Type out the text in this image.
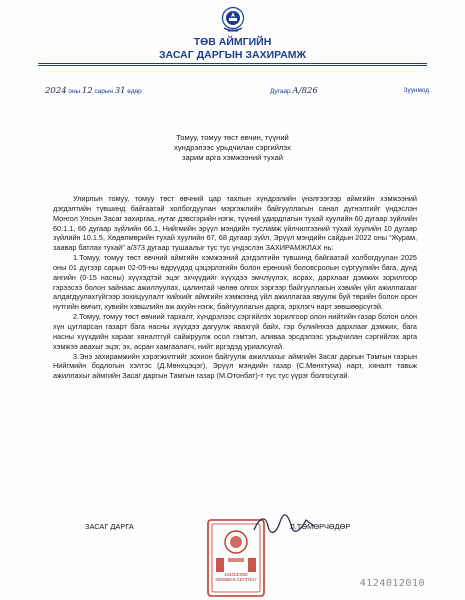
ТӨВ АЙМГИЙН
ЗАСАГ ДАРГЫН ЗАХИРАМЖ
2024 оны 12 сарын 31 өдөр	Дугаар А/826	Зуунмод
Томуу, томуу төст өвчин, түүний
хүндрэлээс урьдчилан сэргийлэх
зарим арга хэмжээний тухай

Улирлын томуу, томуу төст өвчний цар тахлын хүндрэлийн үнэлгээгээр аймгийн хэмжээний дэгдэлтийн түвшинд байгаатай холбогдуулан мэргэжлийн байгууллагын санал дүгнэлтийг үндэслэн Монгол Улсын Засаг захиргаа, нутаг дэвсгэрийн нэгж, түүний удирдлагын тухай хуулийн 60 дугаар зүйлийн 60.1.1, 66 дугаар зүйлийн 66.1, Нийгмийн эрүүл мэндийн тусламж үйлчилгээний тухай хуулийн 10 дугаар зүйлийн 10.1.5, Хөдөлмөрийн тухай хуулийн 67, 68 дугаар зүйл, Эрүүл мэндийн сайдын 2022 оны “Журам, заавар батлах тухай” а/373 дугаар тушаалыг тус тус үндэслэн ЗАХИРАМЖЛАХ нь:

1.Томуу, томуу төст өвчний аймгийн хэмжээний дэгдэлтийн түвшинд байгаатай холбогдуулан 2025 оны 01 дүгээр сарын 02-05-ны өдрүүдэд цэцэрлэгийн болон ерөнхий боловсролын сургуулийн бага, дунд ангийн (0-15 насны) хүүхэдтэй эцэг эхчүүдийг хүүхдээ эмчлүүлэх, асрах, дархлааг дэмжих зорилгоор гэрээсээ болон зайнаас ажиллуулах, цалинтай чөлөө олгох зэргээр байгууллагын хэвийн үйл ажиллагааг алдагдуулахгүйгээр зохицуулалт хийхийг аймгийн хэмжээнд үйл ажиллагаа явуулж буй төрийн болон орон нутгийн өмчит, хувийн хэвшлийн аж ахуйн нэгж, байгууллагын дарга, эрхлэгч нарт зөвшөөрсүгэй.

2.Томуу, томуу төст өвчний тархалт, хүндрэлээс сэргийлэх зорилгоор олон нийтийн газар болон олон хүн цугларсан газарт бага насны хүүхдээ дагуулж явахгүй байх, гэр бүлийнхээ дархлааг дэмжих, бага насны хүүхдийн харааг хяналтгүй сайжруулж осол гэмтэл, аливаа эрсдэлээс урьдчилан сэргийлэх арга хэмжээ авахыг эцэг, эх, асран хамгаалагч, нийт иргэдэд уриалсугай.

3.Энэ захирамжийн хэрэгжилтийг зохион байгуулж ажиллахыг аймгийн Засаг даргын Тамгын газрын Нийгмийн бодлогын хэлтэс (Д.Мөнхцэцэг), Эрүүл мэндийн газар (С.Мөнхтуяа) нарт, хяналт тавьж ажиллахыг аймгийн Засаг даргын Тамгын газар (М.Отонбат)-т тус тус үүрэг болгосугай.

ЗАСАГ ДАРГА
1434120005
9035058-К-СВ737517
Л.ТӨМӨРЧӨДӨР
4124012010
